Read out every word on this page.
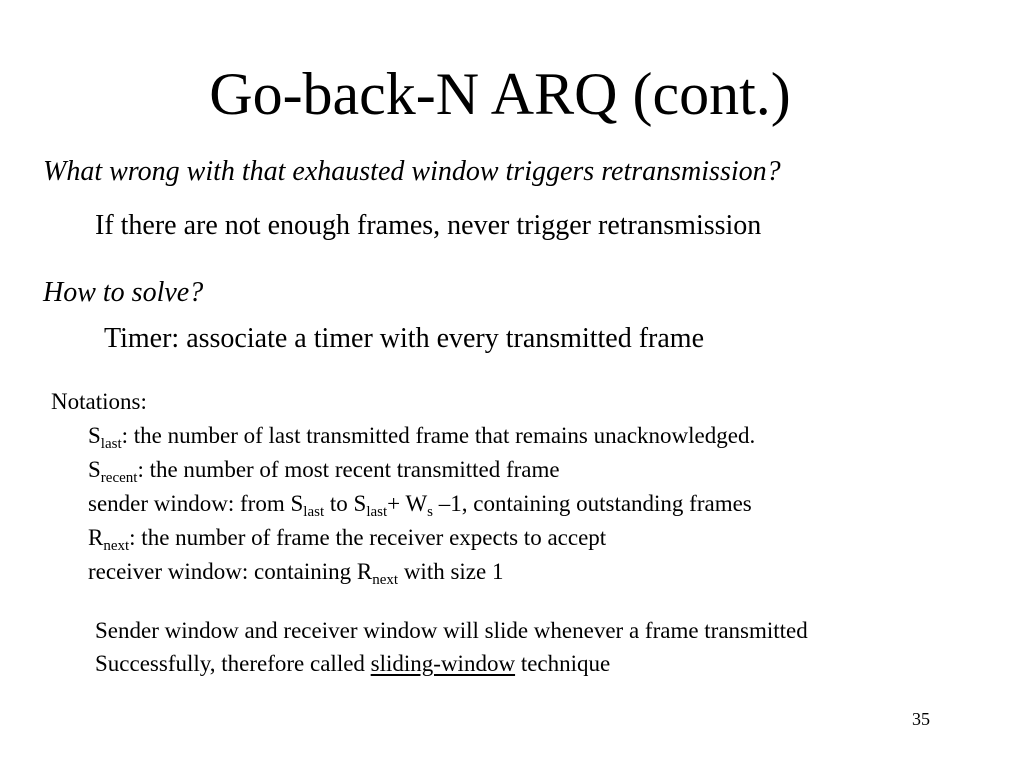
Go-back-N ARQ (cont.)
What wrong with that exhausted window triggers retransmission?
If there are not enough frames, never trigger retransmission
How to solve?
Timer: associate a timer with every transmitted frame
Notations:
$S_{last}$: the number of last transmitted frame that remains unacknowledged.
$S_{recent}$: the number of most recent transmitted frame
sender window: from $S_{last}$ to $S_{last}+ W_s$ –1, containing outstanding frames
$R_{next}$: the number of frame the receiver expects to accept
receiver window: containing $R_{next}$ with size 1
Sender window and receiver window will slide whenever a frame transmitted
Successfully, therefore called sliding-window technique
35
